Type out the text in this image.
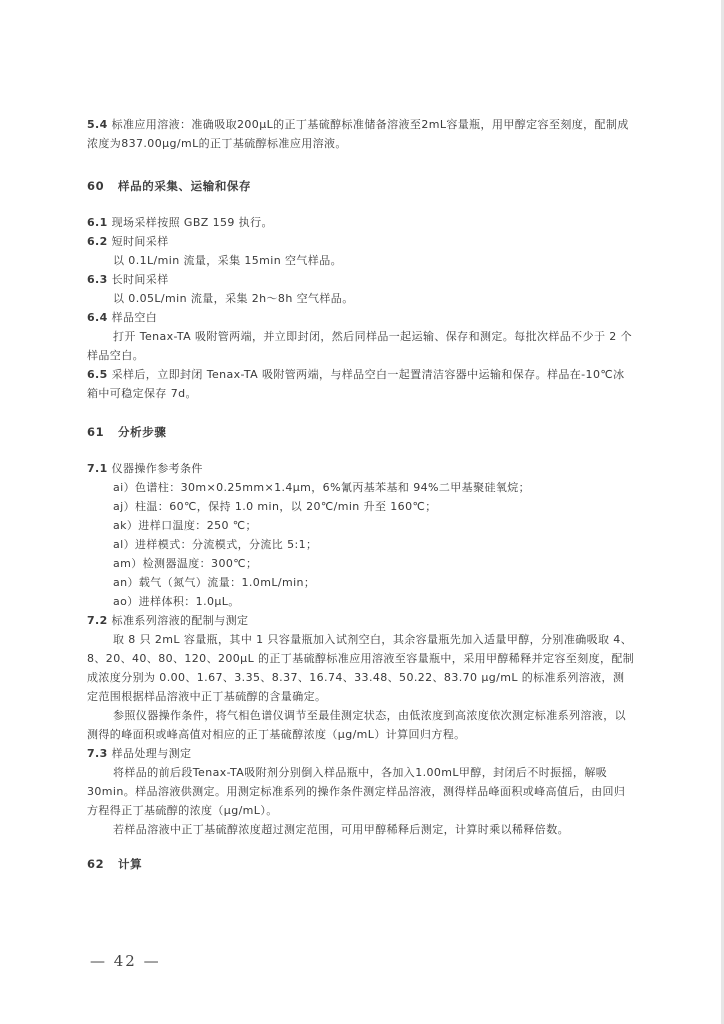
5.4 标准应用溶液：准确吸取200μL的正丁基硫醇标准储备溶液至2mL容量瓶，用甲醇定容至刻度，配制成浓度为837.00μg/mL的正丁基硫醇标准应用溶液。

60 样品的采集、运输和保存

6.1 现场采样按照 GBZ 159 执行。

6.2 短时间采样

以 0.1L/min 流量，采集 15min 空气样品。

6.3 长时间采样

以 0.05L/min 流量，采集 2h～8h 空气样品。

6.4 样品空白

打开 Tenax-TA 吸附管两端，并立即封闭，然后同样品一起运输、保存和测定。每批次样品不少于 2 个样品空白。

6.5 采样后，立即封闭 Tenax-TA 吸附管两端，与样品空白一起置清洁容器中运输和保存。样品在-10℃冰箱中可稳定保存 7d。

61 分析步骤

7.1 仪器操作参考条件

ai）色谱柱：30m×0.25mm×1.4μm，6%氰丙基苯基和 94%二甲基聚硅氧烷；

aj）柱温：60℃，保持 1.0 min，以 20℃/min 升至 160℃；

ak）进样口温度：250 ℃；

al）进样模式：分流模式，分流比 5:1；

am）检测器温度：300℃；

an）载气（氮气）流量：1.0mL/min；

ao）进样体积：1.0μL。

7.2 标准系列溶液的配制与测定

取 8 只 2mL 容量瓶，其中 1 只容量瓶加入试剂空白，其余容量瓶先加入适量甲醇，分别准确吸取 4、8、20、40、80、120、200μL 的正丁基硫醇标准应用溶液至容量瓶中，采用甲醇稀释并定容至刻度，配制成浓度分别为 0.00、1.67、3.35、8.37、16.74、33.48、50.22、83.70 μg/mL 的标准系列溶液，测定范围根据样品溶液中正丁基硫醇的含量确定。

参照仪器操作条件，将气相色谱仪调节至最佳测定状态，由低浓度到高浓度依次测定标准系列溶液，以测得的峰面积或峰高值对相应的正丁基硫醇浓度（μg/mL）计算回归方程。

7.3 样品处理与测定

将样品的前后段Tenax-TA吸附剂分别倒入样品瓶中，各加入1.00mL甲醇，封闭后不时振摇，解吸30min。样品溶液供测定。用测定标准系列的操作条件测定样品溶液，测得样品峰面积或峰高值后，由回归方程得正丁基硫醇的浓度（μg/mL）。

若样品溶液中正丁基硫醇浓度超过测定范围，可用甲醇稀释后测定，计算时乘以稀释倍数。

62 计算

— 42 —
